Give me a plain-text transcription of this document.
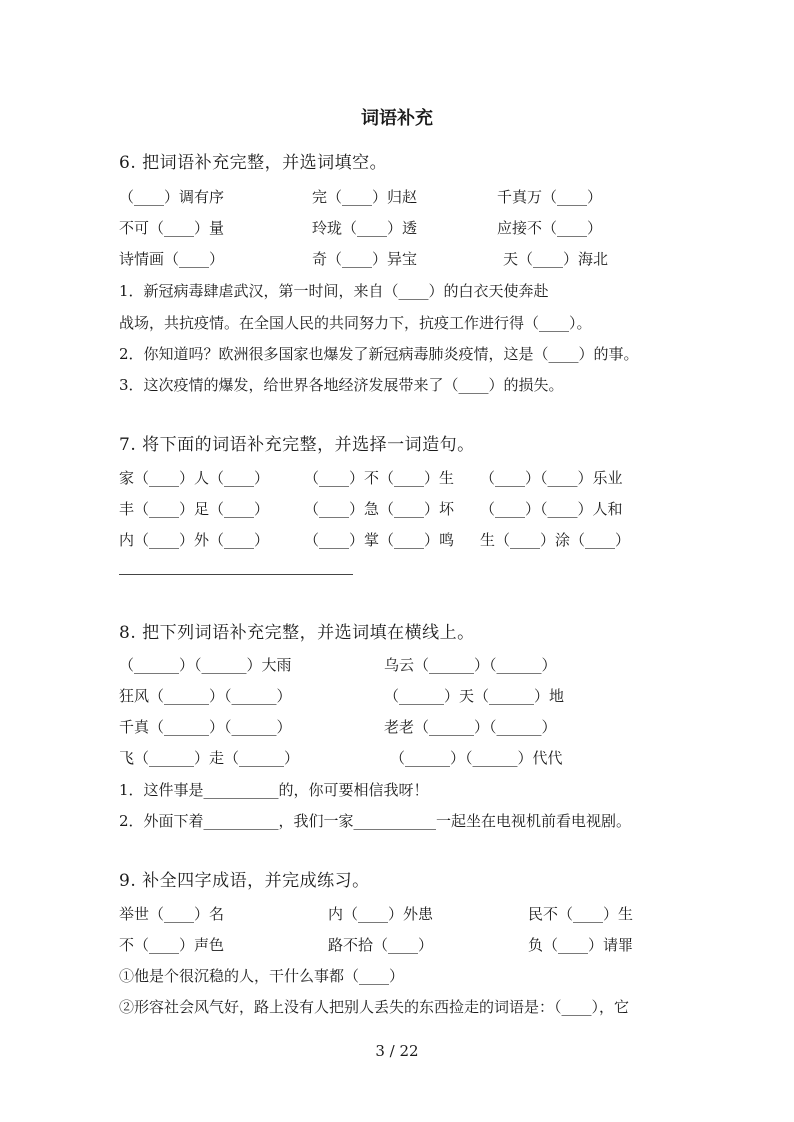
词语补充
6. 把词语补充完整，并选词填空。
（____）调有序	完（____）归赵	千真万（____）
不可（____）量	玲珑（____）透	应接不（____）
诗情画（____）	奇（____）异宝	天（____）海北
1．新冠病毒肆虐武汉，第一时间，来自（____）的白衣天使奔赴
战场，共抗疫情。在全国人民的共同努力下，抗疫工作进行得（____）。
2．你知道吗？欧洲很多国家也爆发了新冠病毒肺炎疫情，这是（____）的事。
3．这次疫情的爆发，给世界各地经济发展带来了（____）的损失。
7. 将下面的词语补充完整，并选择一词造句。
家（____）人（____） （____）不（____）生 （____）（____）乐业
丰（____）足（____） （____）急（____）坏 （____）（____）人和
内（____）外（____） （____）掌（____）鸣 生（____）涂（____）
8. 把下列词语补充完整，并选词填在横线上。
（______）（______）大雨	乌云（______）（______）
狂风（______）（______）	（______）天（______）地
千真（______）（______）	老老（______）（______）
飞（______）走（______）	（______）（______）代代
1．这件事是__________的，你可要相信我呀！
2．外面下着__________，我们一家___________一起坐在电视机前看电视剧。
9. 补全四字成语，并完成练习。
举世（____）名	内（____）外患	民不（____）生
不（____）声色	路不拾（____）	负（____）请罪
①他是个很沉稳的人，干什么事都（____）
②形容社会风气好，路上没有人把别人丢失的东西捡走的词语是：（____），它
3 / 22
